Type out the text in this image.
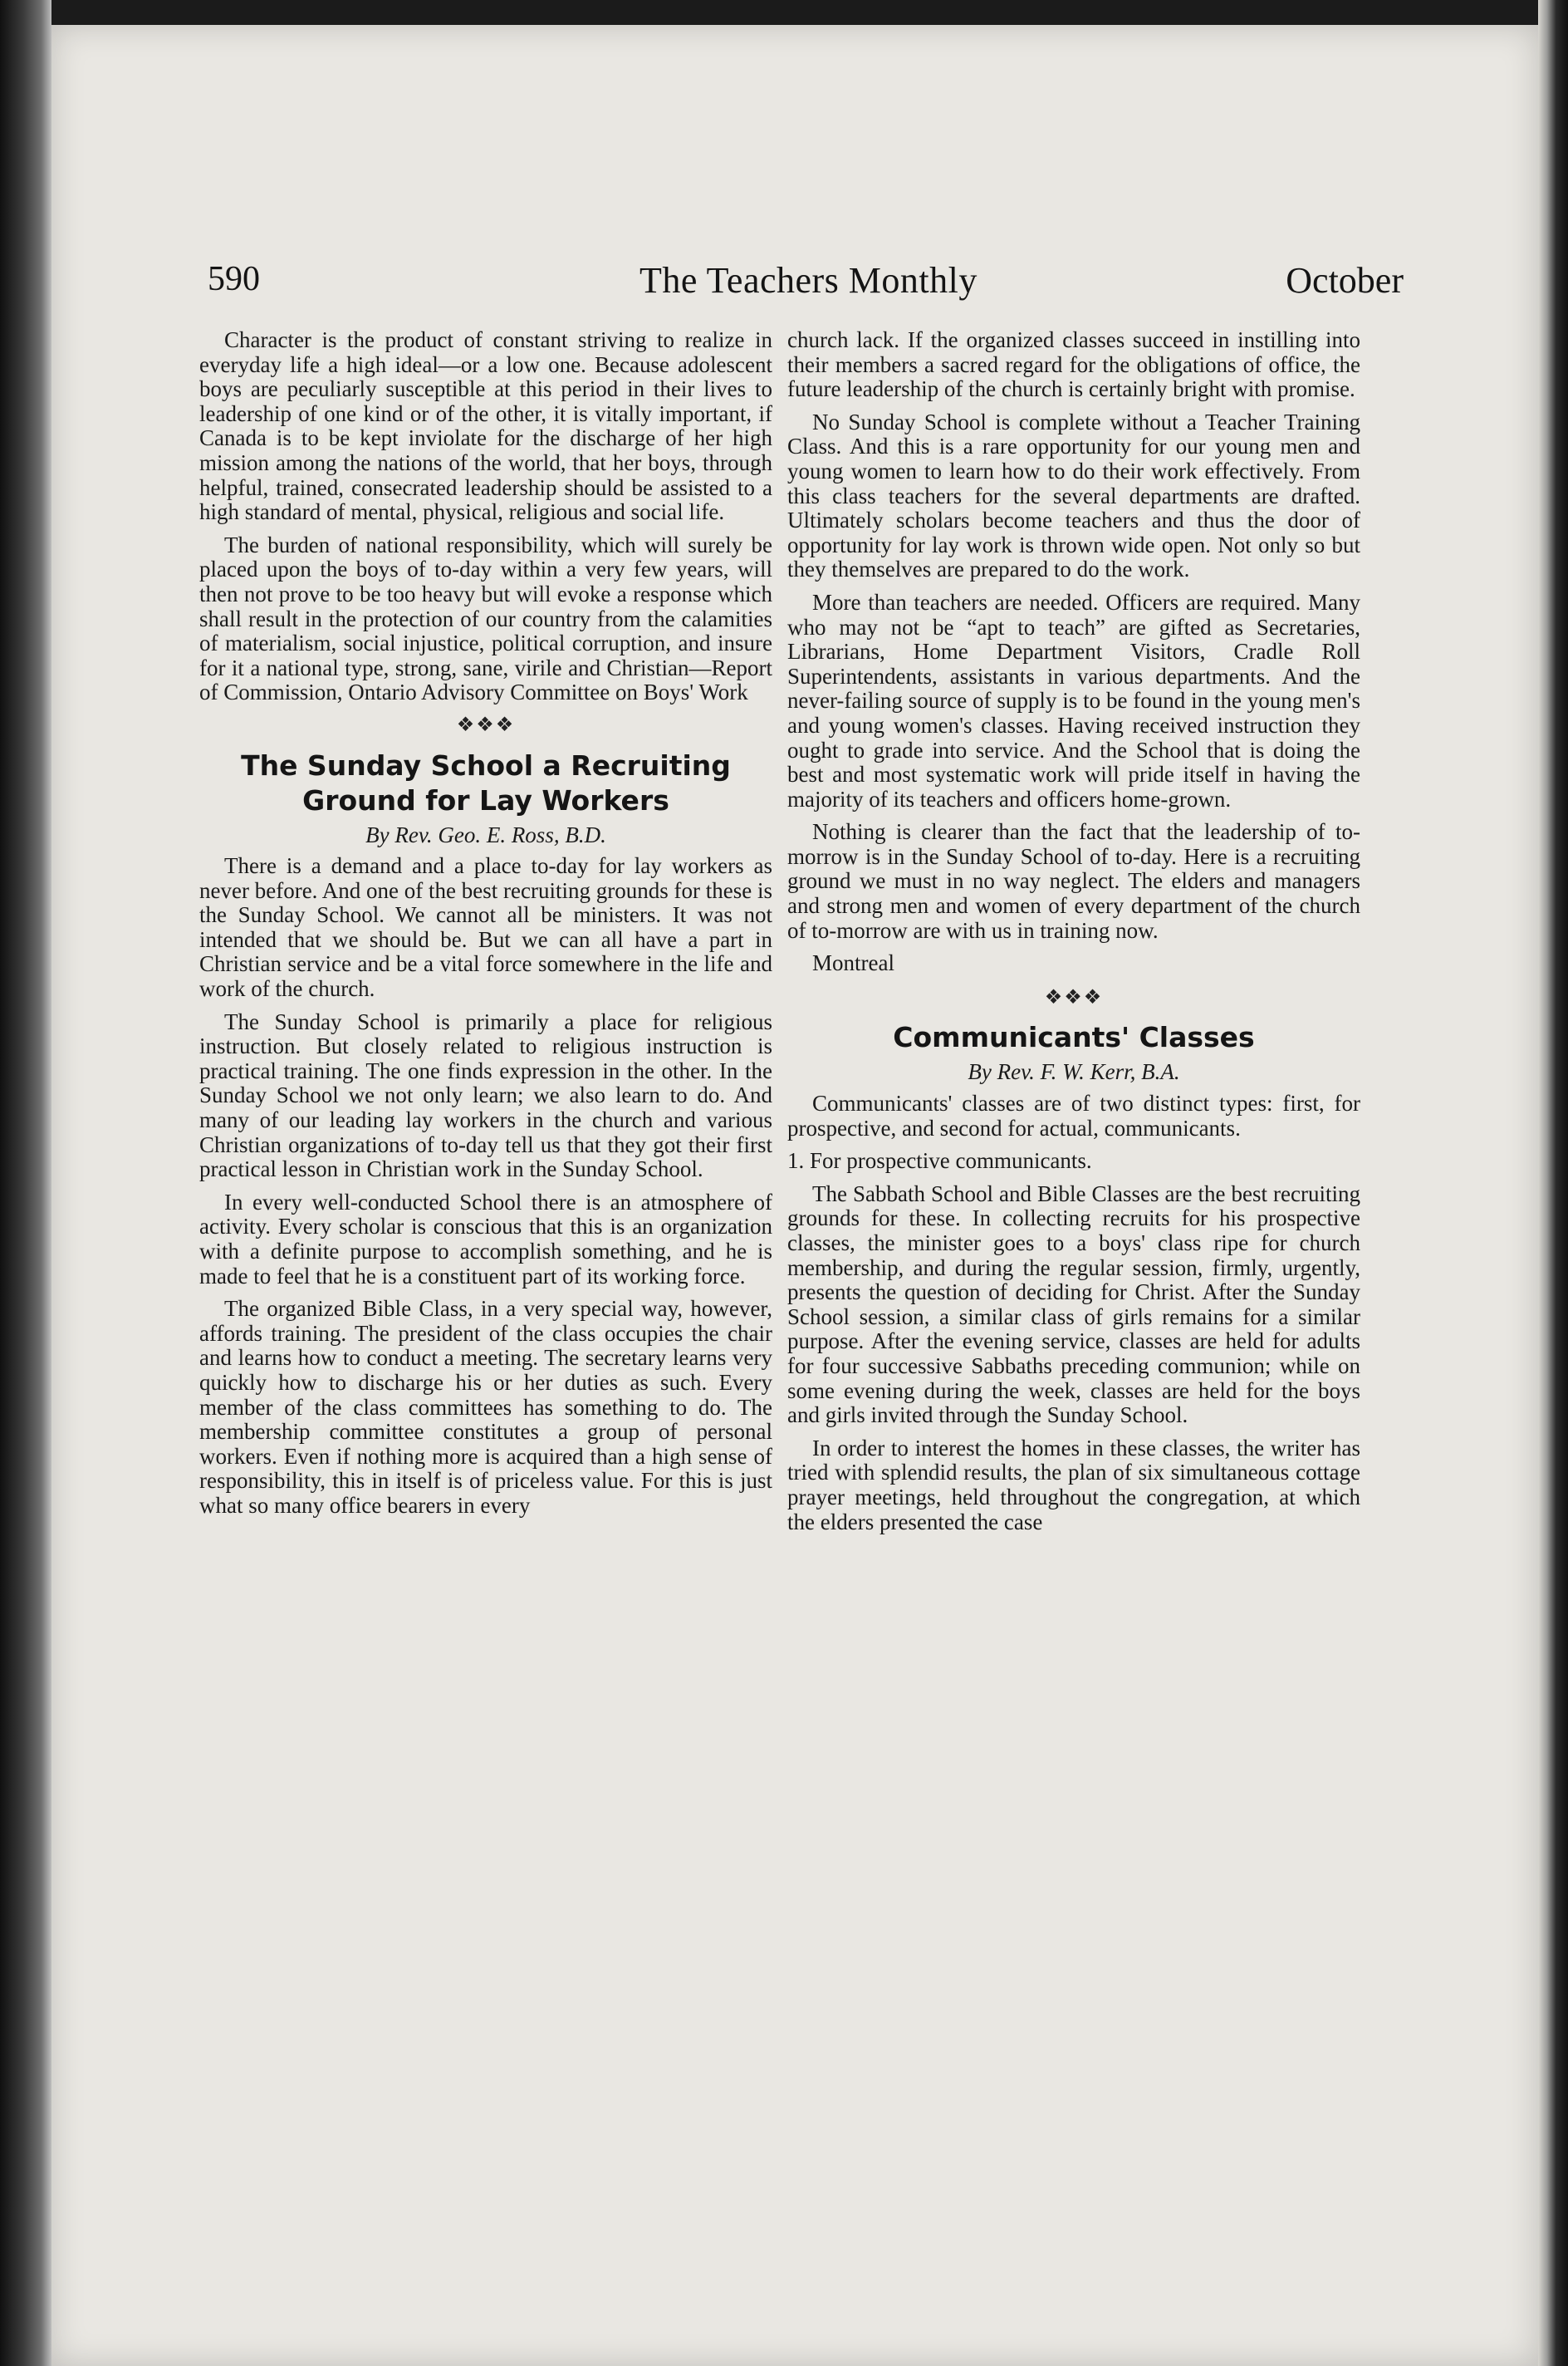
590	The Teachers Monthly	October

Character is the product of constant striving to realize in everyday life a high ideal—or a low one. Because adolescent boys are peculiarly susceptible at this period in their lives to leadership of one kind or of the other, it is vitally important, if Canada is to be kept inviolate for the discharge of her high mission among the nations of the world, that her boys, through helpful, trained, consecrated leadership should be assisted to a high standard of mental, physical, religious and social life.

The burden of national responsibility, which will surely be placed upon the boys of to-day within a very few years, will then not prove to be too heavy but will evoke a response which shall result in the protection of our country from the calamities of materialism, social injustice, political corruption, and insure for it a national type, strong, sane, virile and Christian—Report of Commission, Ontario Advisory Committee on Boys' Work

❖❖❖
The Sunday School a Recruiting Ground for Lay Workers
By Rev. Geo. E. Ross, B.D.

There is a demand and a place to-day for lay workers as never before. And one of the best recruiting grounds for these is the Sunday School. We cannot all be ministers. It was not intended that we should be. But we can all have a part in Christian service and be a vital force somewhere in the life and work of the church.

The Sunday School is primarily a place for religious instruction. But closely related to religious instruction is practical training. The one finds expression in the other. In the Sunday School we not only learn; we also learn to do. And many of our leading lay workers in the church and various Christian organizations of to-day tell us that they got their first practical lesson in Christian work in the Sunday School.

In every well-conducted School there is an atmosphere of activity. Every scholar is conscious that this is an organization with a definite purpose to accomplish something, and he is made to feel that he is a constituent part of its working force.

The organized Bible Class, in a very special way, however, affords training. The president of the class occupies the chair and learns how to conduct a meeting. The secretary learns very quickly how to discharge his or her duties as such. Every member of the class committees has something to do. The membership committee constitutes a group of personal workers. Even if nothing more is acquired than a high sense of responsibility, this in itself is of priceless value. For this is just what so many office bearers in every

church lack. If the organized classes succeed in instilling into their members a sacred regard for the obligations of office, the future leadership of the church is certainly bright with promise.

No Sunday School is complete without a Teacher Training Class. And this is a rare opportunity for our young men and young women to learn how to do their work effectively. From this class teachers for the several departments are drafted. Ultimately scholars become teachers and thus the door of opportunity for lay work is thrown wide open. Not only so but they themselves are prepared to do the work.

More than teachers are needed. Officers are required. Many who may not be “apt to teach” are gifted as Secretaries, Librarians, Home Department Visitors, Cradle Roll Superintendents, assistants in various departments. And the never-failing source of supply is to be found in the young men's and young women's classes. Having received instruction they ought to grade into service. And the School that is doing the best and most systematic work will pride itself in having the majority of its teachers and officers home-grown.

Nothing is clearer than the fact that the leadership of to-morrow is in the Sunday School of to-day. Here is a recruiting ground we must in no way neglect. The elders and managers and strong men and women of every department of the church of to-morrow are with us in training now.

Montreal
❖❖❖
Communicants' Classes
By Rev. F. W. Kerr, B.A.

Communicants' classes are of two distinct types: first, for prospective, and second for actual, communicants.

1. For prospective communicants.

The Sabbath School and Bible Classes are the best recruiting grounds for these. In collecting recruits for his prospective classes, the minister goes to a boys' class ripe for church membership, and during the regular session, firmly, urgently, presents the question of deciding for Christ. After the Sunday School session, a similar class of girls remains for a similar purpose. After the evening service, classes are held for adults for four successive Sabbaths preceding communion; while on some evening during the week, classes are held for the boys and girls invited through the Sunday School.

In order to interest the homes in these classes, the writer has tried with splendid results, the plan of six simultaneous cottage prayer meetings, held throughout the congregation, at which the elders presented the case
